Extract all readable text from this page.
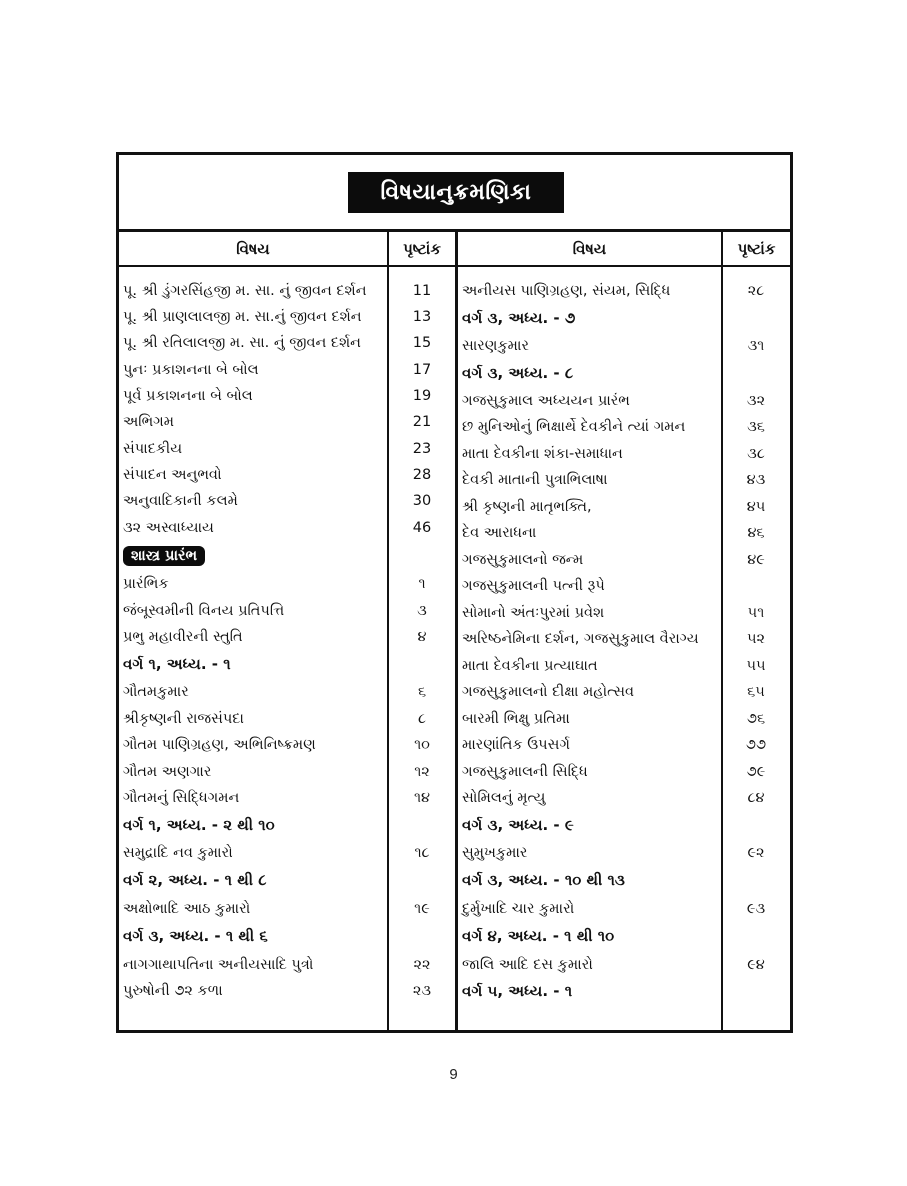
વિષયાનુક્રમણિકા
વિષય	પૃષ્ટાંક	વિષય	પૃષ્ટાંક
પૂ. શ્રી ડુંગરસિંહજી મ. સા. નું જીવન દર્શન	11
પૂ. શ્રી પ્રાણલાલજી મ. સા.નું જીવન દર્શન	13
પૂ. શ્રી રતિલાલજી મ. સા. નું જીવન દર્શન	15
પુનઃ પ્રકાશનના બે બોલ	17
પૂર્વ પ્રકાશનના બે બોલ	19
અભિગમ	21
સંપાદકીય	23
સંપાદન અનુભવો	28
અનુવાદિકાની કલમે	30
૩૨ અસ્વાધ્યાય	46
શાસ્ત્ર પ્રારંભ
પ્રારંભિક	૧
જંબૂસ્વમીની વિનય પ્રતિપત્તિ	૩
પ્રભુ મહાવીરની સ્તુતિ	૪
વર્ગ ૧, અધ્ય. - ૧
ગૌતમકુમાર	૬
શ્રીકૃષ્ણની રાજસંપદા	૮
ગૌતમ પાણિગ્રહણ, અભિનિષ્ક્રમણ	૧૦
ગૌતમ અણગાર	૧૨
ગૌતમનું સિદ્ધિગમન	૧૪
વર્ગ ૧, અધ્ય. - ૨ થી ૧૦
સમુદ્રાદિ નવ કુમારો	૧૮
વર્ગ ૨, અધ્ય. - ૧ થી ૮
અક્ષોભાદિ આઠ કુમારો	૧૯
વર્ગ ૩, અધ્ય. - ૧ થી ૬
નાગગાથાપતિના અનીયસાદિ પુત્રો	૨૨
પુરુષોની ૭૨ કળા	૨૩
અનીયસ પાણિગ્રહણ, સંયમ, સિદ્ધિ	૨૮
વર્ગ ૩, અધ્ય. - ૭
સારણકુમાર	૩૧
વર્ગ ૩, અધ્ય. - ૮
ગજસુકુમાલ અધ્યયન પ્રારંભ	૩૨
છ મુનિઓનું ભિક્ષાર્થે દેવકીને ત્યાં ગમન	૩૬
માતા દેવકીના શંકા-સમાધાન	૩૮
દેવકી માતાની પુત્રાભિલાષા	૪૩
શ્રી કૃષ્ણની માતૃભક્તિ,	૪૫
દેવ આરાધના	૪૬
ગજસુકુમાલનો જન્મ	૪૯
ગજસુકુમાલની પત્ની રૂપે
સોમાનો અંતઃપુરમાં પ્રવેશ	૫૧
અરિષ્ઠનેમિના દર્શન, ગજસુકુમાલ વૈરાગ્ય	૫૨
માતા દેવકીના પ્રત્યાઘાત	૫૫
ગજસુકુમાલનો દીક્ષા મહોત્સવ	૬૫
બારમી ભિક્ષુ પ્રતિમા	૭૬
મારણાંતિક ઉપસર્ગ	૭૭
ગજસુકુમાલની સિદ્ધિ	૭૯
સોમિલનું મૃત્યુ	૮૪
વર્ગ ૩, અધ્ય. - ૯
સુમુખકુમાર	૯૨
વર્ગ ૩, અધ્ય. - ૧૦ થી ૧૩
દુર્મુખાદિ ચાર કુમારો	૯૩
વર્ગ ૪, અધ્ય. - ૧ થી ૧૦
જાલિ આદિ દસ કુમારો	૯૪
વર્ગ ૫, અધ્ય. - ૧
9
